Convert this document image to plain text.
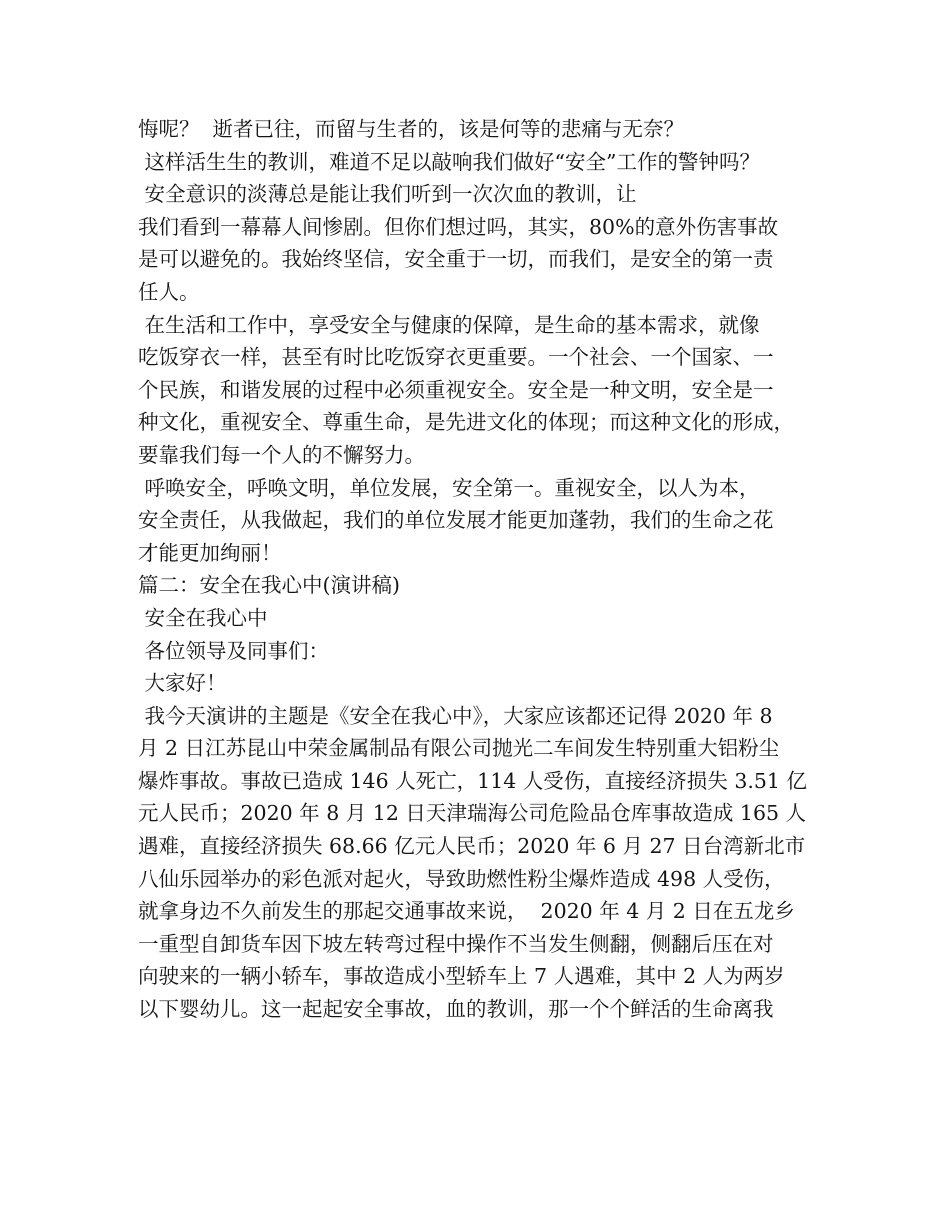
悔呢？  逝者已往，而留与生者的，该是何等的悲痛与无奈？
这样活生生的教训，难道不足以敲响我们做好“安全”工作的警钟吗？
安全意识的淡薄总是能让我们听到一次次血的教训，让
我们看到一幕幕人间惨剧。但你们想过吗，其实，80%的意外伤害事故
是可以避免的。我始终坚信，安全重于一切，而我们，是安全的第一责
任人。
在生活和工作中，享受安全与健康的保障，是生命的基本需求，就像
吃饭穿衣一样，甚至有时比吃饭穿衣更重要。一个社会、一个国家、一
个民族，和谐发展的过程中必须重视安全。安全是一种文明，安全是一
种文化，重视安全、尊重生命，是先进文化的体现；而这种文化的形成，
要靠我们每一个人的不懈努力。
呼唤安全，呼唤文明，单位发展，安全第一。重视安全，以人为本，
安全责任，从我做起，我们的单位发展才能更加蓬勃，我们的生命之花
才能更加绚丽！
篇二：安全在我心中(演讲稿)
安全在我心中
各位领导及同事们：
大家好！
我今天演讲的主题是《安全在我心中》，大家应该都还记得 2020 年 8
月 2 日江苏昆山中荣金属制品有限公司抛光二车间发生特别重大铝粉尘
爆炸事故。事故已造成 146 人死亡，114 人受伤，直接经济损失 3.51 亿
元人民币；2020 年 8 月 12 日天津瑞海公司危险品仓库事故造成 165 人
遇难，直接经济损失 68.66 亿元人民币；2020 年 6 月 27 日台湾新北市
八仙乐园举办的彩色派对起火，导致助燃性粉尘爆炸造成 498 人受伤，
就拿身边不久前发生的那起交通事故来说，  2020 年 4 月 2 日在五龙乡
一重型自卸货车因下坡左转弯过程中操作不当发生侧翻，侧翻后压在对
向驶来的一辆小轿车，事故造成小型轿车上 7 人遇难，其中 2 人为两岁
以下婴幼儿。这一起起安全事故，血的教训，那一个个鲜活的生命离我
